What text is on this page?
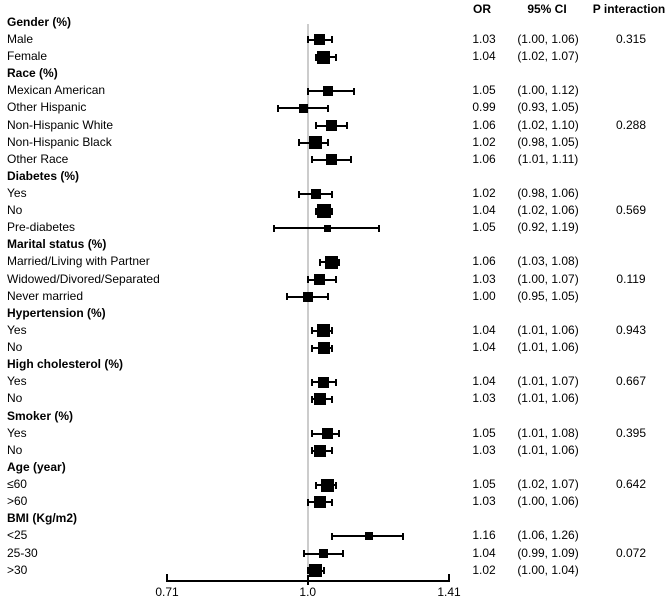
OR	95% CI P interaction
Gender (%)
Male	1.03 (1.00, 1.06)	0.315
Female	1.04 (1.02, 1.07)
Race (%)
Mexican American	1.05 (1.00, 1.12)
Other Hispanic	0.99 (0.93, 1.05)
Non-Hispanic White	1.06 (1.02, 1.10)	0.288
Non-Hispanic Black	1.02 (0.98, 1.05)
Other Race	1.06 (1.01, 1.11)
Diabetes (%)
Yes	1.02 (0.98, 1.06)
No	1.04 (1.02, 1.06)	0.569
Pre-diabetes	1.05 (0.92, 1.19)
Marital status (%)
Married/Living with Partner	1.06 (1.03, 1.08)
Widowed/Divored/Separated	1.03 (1.00, 1.07)	0.119
Never married	1.00 (0.95, 1.05)
Hypertension (%)
Yes	1.04 (1.01, 1.06)	0.943
No	1.04 (1.01, 1.06)
High cholesterol (%)
Yes	1.04 (1.01, 1.07)	0.667
No	1.03 (1.01, 1.06)
Smoker (%)
Yes	1.05 (1.01, 1.08)	0.395
No	1.03 (1.01, 1.06)
Age (year)
≤60	1.05 (1.02, 1.07)	0.642
>60	1.03 (1.00, 1.06)
BMI (Kg/m2)
<25	1.16 (1.06, 1.26)
25-30	1.04 (0.99, 1.09)	0.072
>30	1.02 (1.00, 1.04)
0.71	1.0	1.41
